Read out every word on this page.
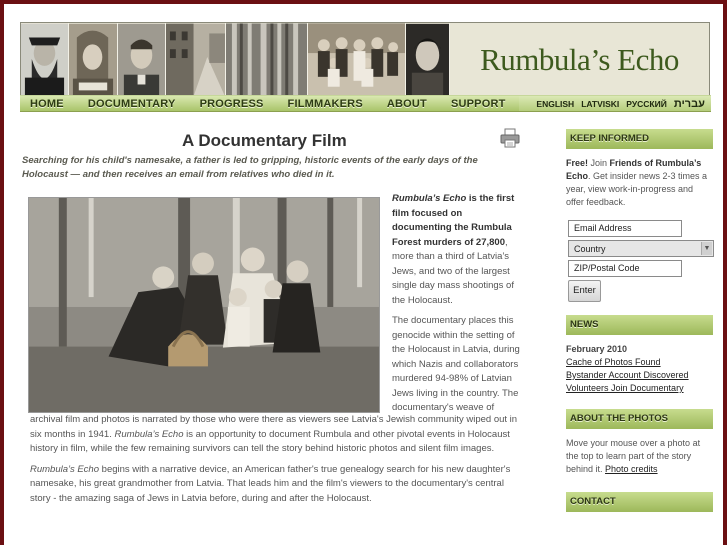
Rumbula’s Echo
HOME	DOCUMENTARY	PROGRESS	FILMMAKERS	ABOUT	SUPPORT	ENGLISH LATVISKI РУССКИЙ עברית
A Documentary Film
Searching for his child's namesake, a father is led to gripping, historic events of the early days of the Holocaust — and then receives an email from relatives who died in it.

Rumbula’s Echo is the first film focused on documenting the Rumbula Forest murders of 27,800, more than a third of Latvia’s Jews, and two of the largest single day mass shootings of the Holocaust.

The documentary places this genocide within the setting of the Holocaust in Latvia, during which Nazis and collaborators murdered 94-98% of Latvian Jews living in the country. The documentary's weave of

archival film and photos is narrated by those who were there as viewers see Latvia's Jewish community wiped out in six months in 1941. Rumbula’s Echo is an opportunity to document Rumbula and other pivotal events in Holocaust history in film, while the few remaining survivors can tell the story behind historic photos and silent film images.

Rumbula’s Echo begins with a narrative device, an American father's true genealogy search for his new daughter's namesake, his great grandmother from Latvia. That leads him and the film's viewers to the documentary's central story - the amazing saga of Jews in Latvia before, during and after the Holocaust.

KEEP INFORMED
Free! Join Friends of Rumbula’s Echo. Get insider news 2-3 times a year, view work-in-progress and offer feedback.
Email Address
Country	▼
ZIP/Postal Code
Enter
NEWS
February 2010
Cache of Photos Found
Bystander Account Discovered
Volunteers Join Documentary
ABOUT THE PHOTOS
Move your mouse over a photo at the top to learn part of the story behind it. Photo credits
CONTACT
